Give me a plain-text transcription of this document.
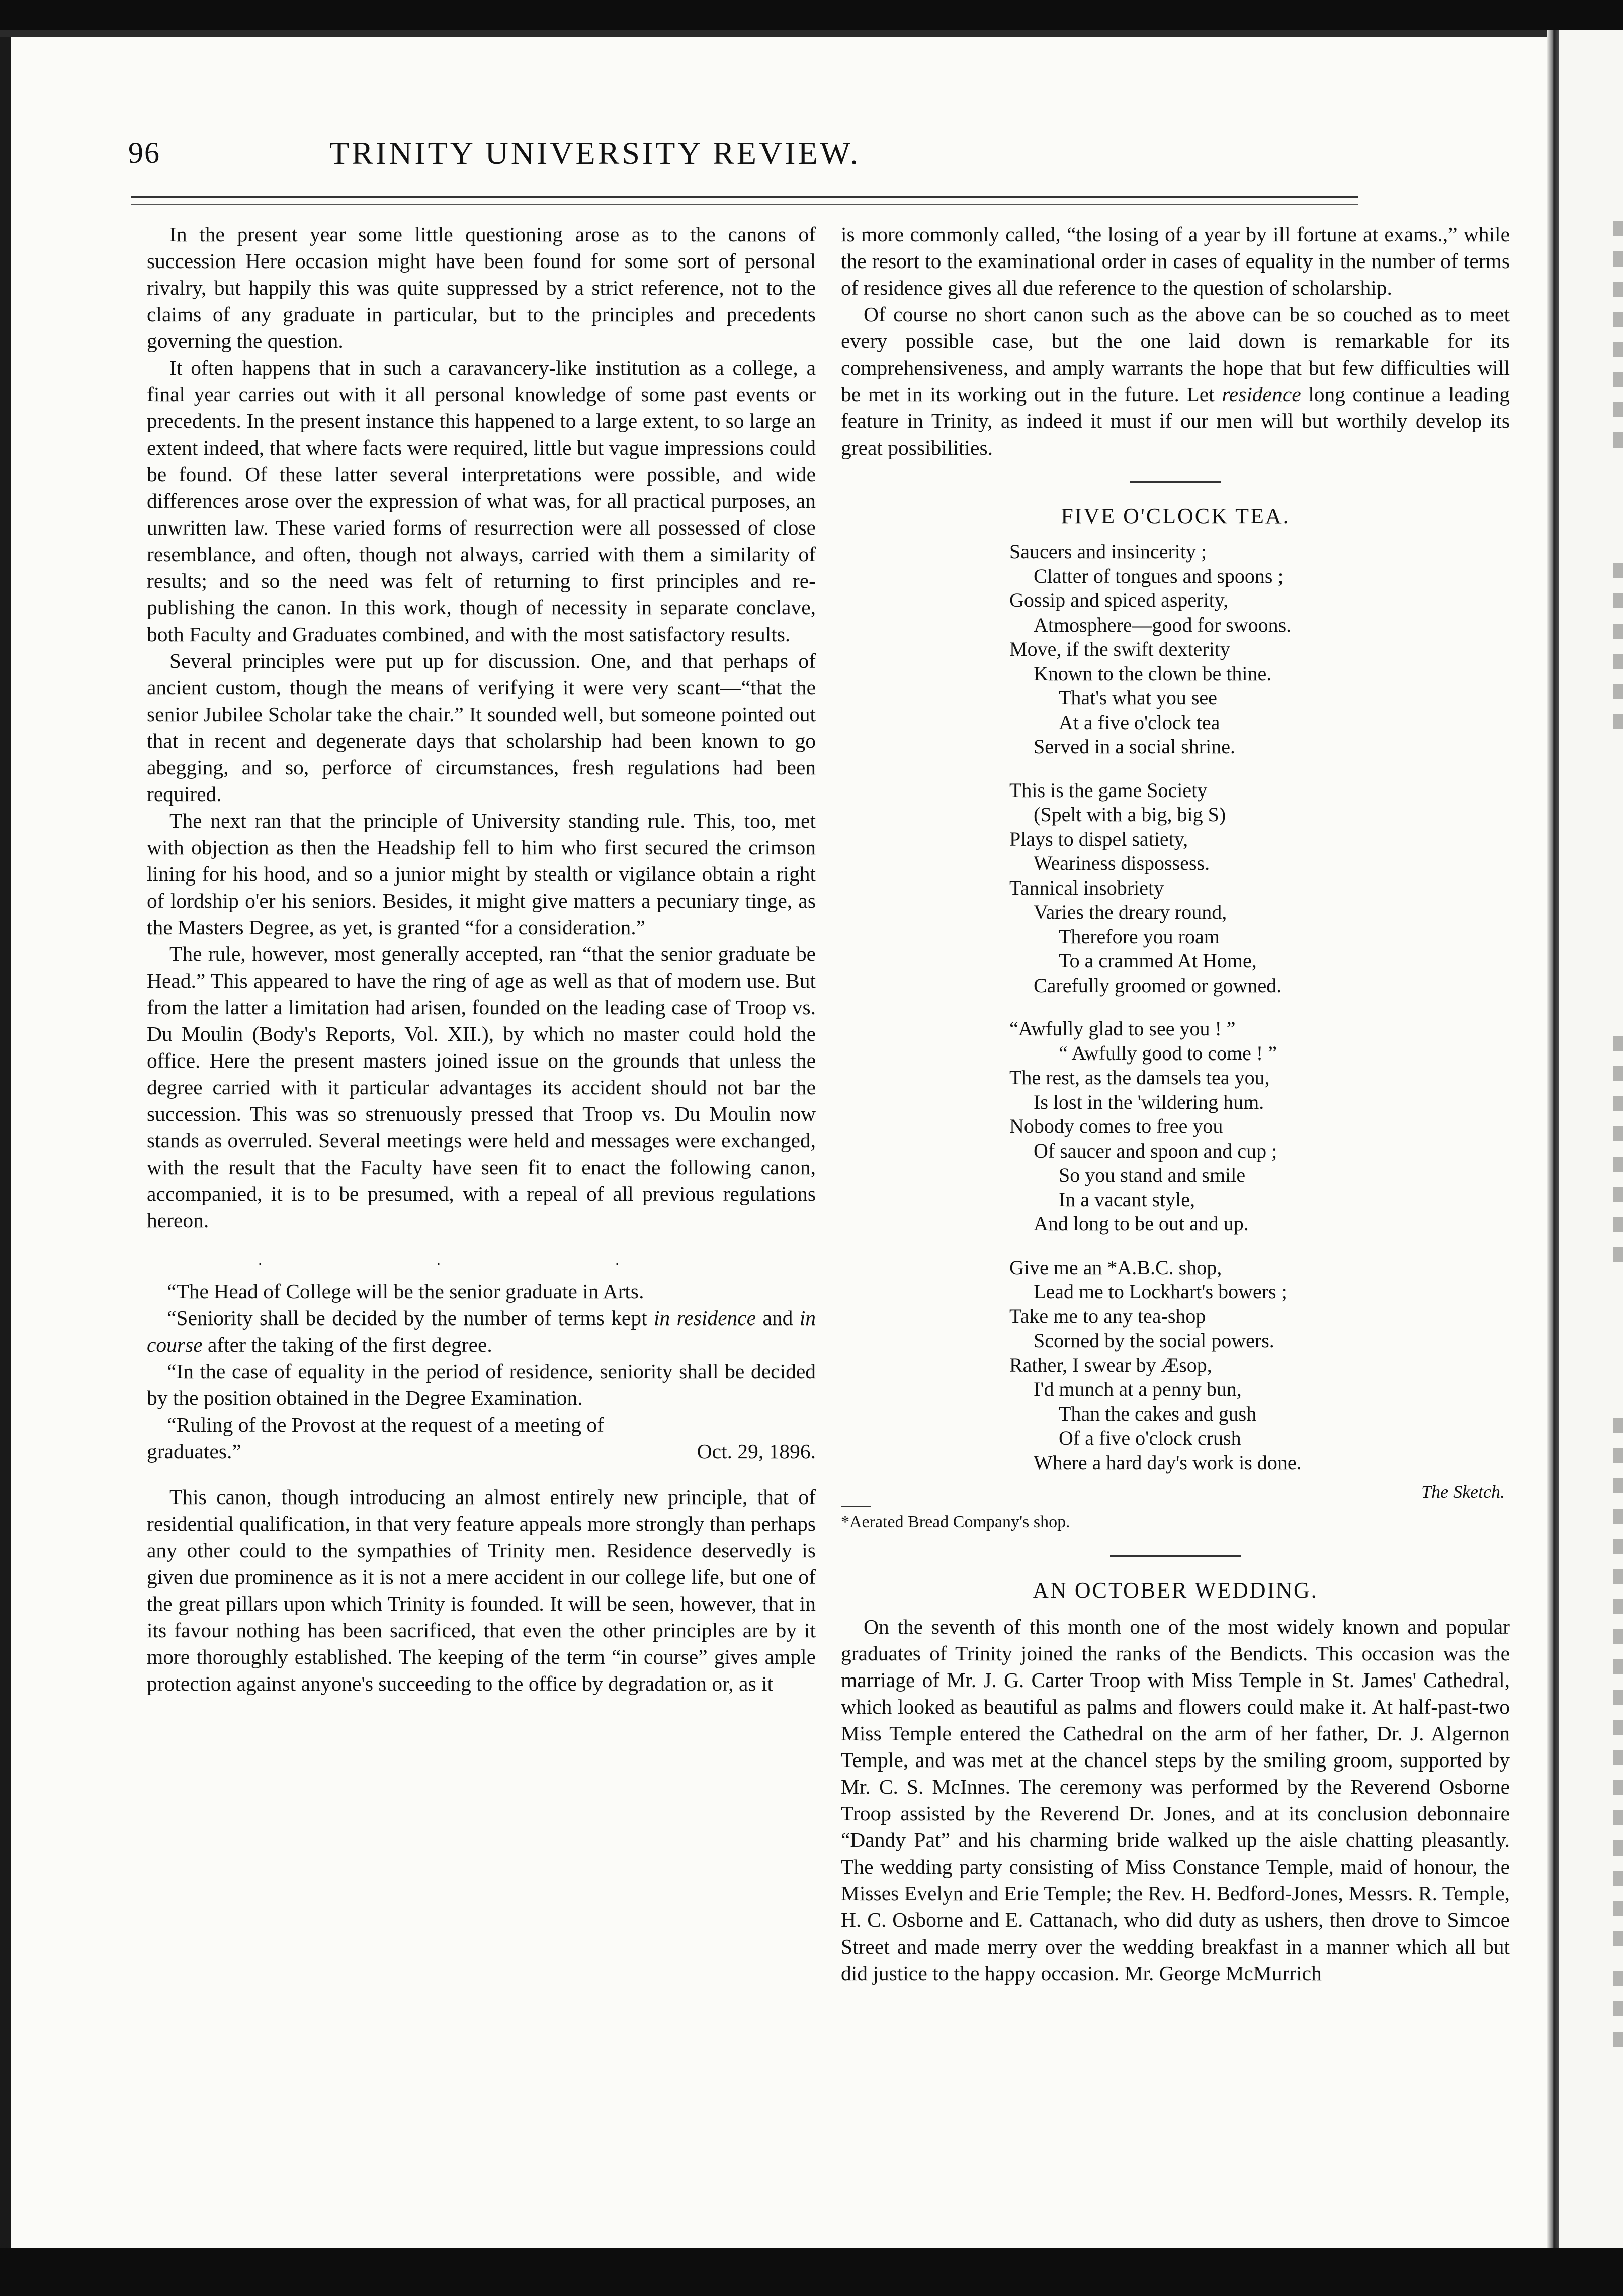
96	TRINITY UNIVERSITY REVIEW.

In the present year some little questioning arose as to the canons of succession Here occasion might have been found for some sort of personal rivalry, but happily this was quite suppressed by a strict reference, not to the claims of any graduate in particular, but to the principles and precedents governing the question.

It often happens that in such a caravancery-like institution as a college, a final year carries out with it all personal knowledge of some past events or precedents. In the present instance this happened to a large extent, to so large an extent indeed, that where facts were required, little but vague impressions could be found. Of these latter several interpretations were possible, and wide differences arose over the expression of what was, for all practical purposes, an unwritten law. These varied forms of resurrection were all possessed of close resemblance, and often, though not always, carried with them a similarity of results; and so the need was felt of returning to first principles and re-publishing the canon. In this work, though of necessity in separate conclave, both Faculty and Graduates combined, and with the most satisfactory results.

Several principles were put up for discussion. One, and that perhaps of ancient custom, though the means of verifying it were very scant—“that the senior Jubilee Scholar take the chair.” It sounded well, but someone pointed out that in recent and degenerate days that scholarship had been known to go abegging, and so, perforce of circumstances, fresh regulations had been required.

The next ran that the principle of University standing rule. This, too, met with objection as then the Headship fell to him who first secured the crimson lining for his hood, and so a junior might by stealth or vigilance obtain a right of lordship o'er his seniors. Besides, it might give matters a pecuniary tinge, as the Masters Degree, as yet, is granted “for a consideration.”

The rule, however, most generally accepted, ran “that the senior graduate be Head.” This appeared to have the ring of age as well as that of modern use. But from the latter a limitation had arisen, founded on the leading case of Troop vs. Du Moulin (Body's Reports, Vol. XII.), by which no master could hold the office. Here the present masters joined issue on the grounds that unless the degree carried with it particular advantages its accident should not bar the succession. This was so strenuously pressed that Troop vs. Du Moulin now stands as overruled. Several meetings were held and messages were exchanged, with the result that the Faculty have seen fit to enact the following canon, accompanied, it is to be presumed, with a repeal of all previous regulations hereon.

. . .

“The Head of College will be the senior graduate in Arts.

“Seniority shall be decided by the number of terms kept in residence and in course after the taking of the first degree.

“In the case of equality in the period of residence, seniority shall be decided by the position obtained in the Degree Examination.

“Ruling of the Provost at the request of a meeting of

graduates.”	Oct. 29, 1896.

This canon, though introducing an almost entirely new principle, that of residential qualification, in that very feature appeals more strongly than perhaps any other could to the sympathies of Trinity men. Residence deservedly is given due prominence as it is not a mere accident in our college life, but one of the great pillars upon which Trinity is founded. It will be seen, however, that in its favour nothing has been sacrificed, that even the other principles are by it more thoroughly established. The keeping of the term “in course” gives ample protection against anyone's succeeding to the office by degradation or, as it

is more commonly called, “the losing of a year by ill fortune at exams.,” while the resort to the examinational order in cases of equality in the number of terms of residence gives all due reference to the question of scholarship.

Of course no short canon such as the above can be so couched as to meet every possible case, but the one laid down is remarkable for its comprehensiveness, and amply warrants the hope that but few difficulties will be met in its working out in the future. Let residence long continue a leading feature in Trinity, as indeed it must if our men will but worthily develop its great possibilities.

FIVE O'CLOCK TEA.
Saucers and insincerity ;
Clatter of tongues and spoons ;
Gossip and spiced asperity,
Atmosphere—good for swoons.
Move, if the swift dexterity
Known to the clown be thine.
That's what you see
At a five o'clock tea
Served in a social shrine.
This is the game Society
(Spelt with a big, big S)
Plays to dispel satiety,
Weariness dispossess.
Tannical insobriety
Varies the dreary round,
Therefore you roam
To a crammed At Home,
Carefully groomed or gowned.
“Awfully glad to see you ! ”
“ Awfully good to come ! ”
The rest, as the damsels tea you,
Is lost in the 'wildering hum.
Nobody comes to free you
Of saucer and spoon and cup ;
So you stand and smile
In a vacant style,
And long to be out and up.
Give me an *A.B.C. shop,
Lead me to Lockhart's bowers ;
Take me to any tea-shop
Scorned by the social powers.
Rather, I swear by Æsop,
I'd munch at a penny bun,
Than the cakes and gush
Of a five o'clock crush
Where a hard day's work is done.
The Sketch.
*Aerated Bread Company's shop.
AN OCTOBER WEDDING.

On the seventh of this month one of the most widely known and popular graduates of Trinity joined the ranks of the Bendicts. This occasion was the marriage of Mr. J. G. Carter Troop with Miss Temple in St. James' Cathedral, which looked as beautiful as palms and flowers could make it. At half-past-two Miss Temple entered the Cathedral on the arm of her father, Dr. J. Algernon Temple, and was met at the chancel steps by the smiling groom, supported by Mr. C. S. McInnes. The ceremony was performed by the Reverend Osborne Troop assisted by the Reverend Dr. Jones, and at its conclusion debonnaire “Dandy Pat” and his charming bride walked up the aisle chatting pleasantly. The wedding party consisting of Miss Constance Temple, maid of honour, the Misses Evelyn and Erie Temple; the Rev. H. Bedford-Jones, Messrs. R. Temple, H. C. Osborne and E. Cattanach, who did duty as ushers, then drove to Simcoe Street and made merry over the wedding breakfast in a manner which all but did justice to the happy occasion. Mr. George McMurrich
